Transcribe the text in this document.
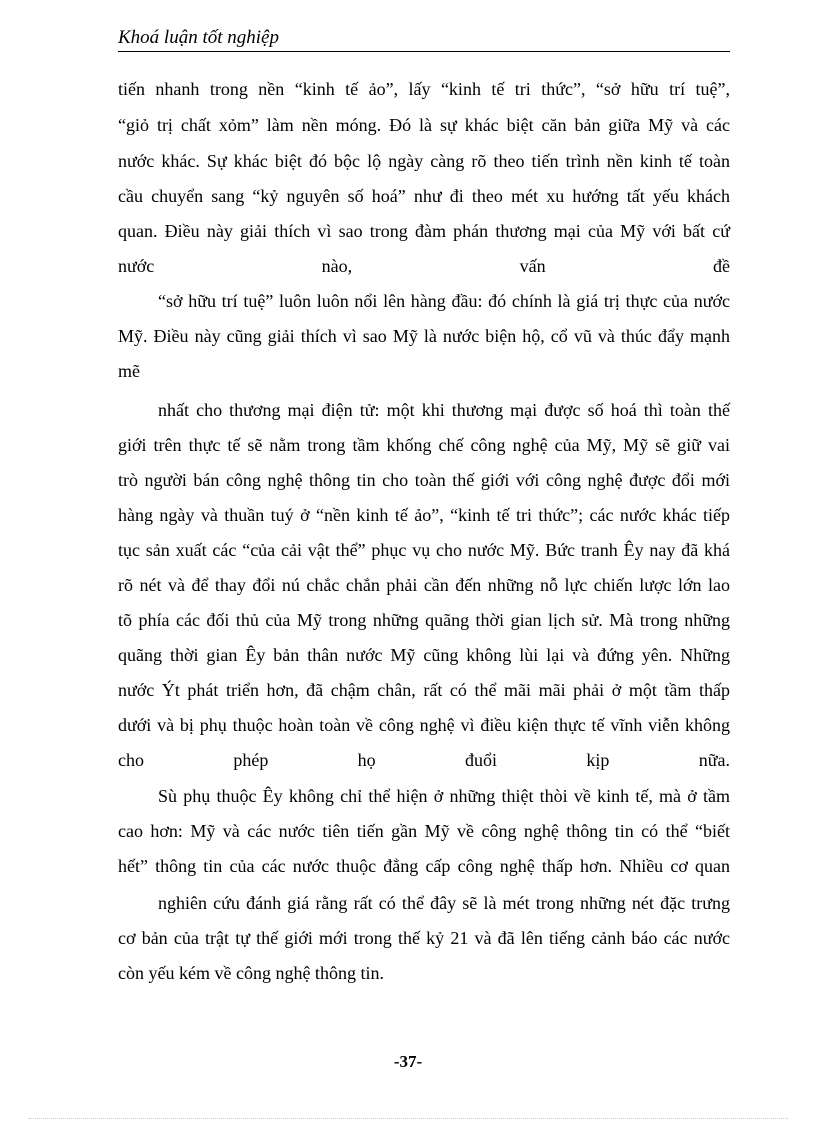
Khoá luận tốt nghiệp
tiến nhanh trong nền “kinh tế ảo”, lấy “kinh tế tri thức”, “sở hữu trí tuệ”,
“giỏ trị chất xỏm” làm nền móng. Đó là sự khác biệt căn bản giữa Mỹ và các
nước khác. Sự khác biệt đó bộc lộ ngày càng rõ theo tiến trình nền kinh tế toàn
cầu chuyển sang “kỷ nguyên số hoá” như đi theo mét xu hướng tất yếu khách
quan. Điều này giải thích vì sao trong đàm phán thương mại của Mỹ với bất cứ
nước nào, vấn đề
“sở hữu trí tuệ” luôn luôn nổi lên hàng đầu: đó chính là giá trị thực của nước
Mỹ. Điều này cũng giải thích vì sao Mỹ là nước biện hộ, cổ vũ và thúc đẩy mạnh
mẽ
nhất cho thương mại điện tử: một khi thương mại được số hoá thì toàn thế
giới trên thực tế sẽ nằm trong tầm khống chế công nghệ của Mỹ, Mỹ sẽ giữ vai
trò người bán công nghệ thông tin cho toàn thế giới với công nghệ được đổi mới
hàng ngày và thuần tuý ở “nền kinh tế ảo”, “kinh tế tri thức”; các nước khác tiếp
tục sản xuất các “của cải vật thể” phục vụ cho nước Mỹ. Bức tranh Êy nay đã khá
rõ nét và để thay đổi nú chắc chắn phải cần đến những nỗ lực chiến lược lớn lao
tõ phía các đối thủ của Mỹ trong những quãng thời gian lịch sử. Mà trong những
quãng thời gian Êy bản thân nước Mỹ cũng không lùi lại và đứng yên. Những
nước Ýt phát triển hơn, đã chậm chân, rất có thể mãi mãi phải ở một tầm thấp
dưới và bị phụ thuộc hoàn toàn về công nghệ vì điều kiện thực tế vĩnh viễn không
cho phép họ đuổi kịp nữa.
Sù phụ thuộc Êy không chỉ thể hiện ở những thiệt thòi về kinh tế, mà ở tầm
cao hơn: Mỹ và các nước tiên tiến gần Mỹ về công nghệ thông tin có thể “biết
hết” thông tin của các nước thuộc đẳng cấp công nghệ thấp hơn. Nhiều cơ quan
nghiên cứu đánh giá rằng rất có thể đây sẽ là mét trong những nét đặc trưng
cơ bản của trật tự thế giới mới trong thế kỷ 21 và đã lên tiếng cảnh báo các nước
còn yếu kém về công nghệ thông tin.
-37-
